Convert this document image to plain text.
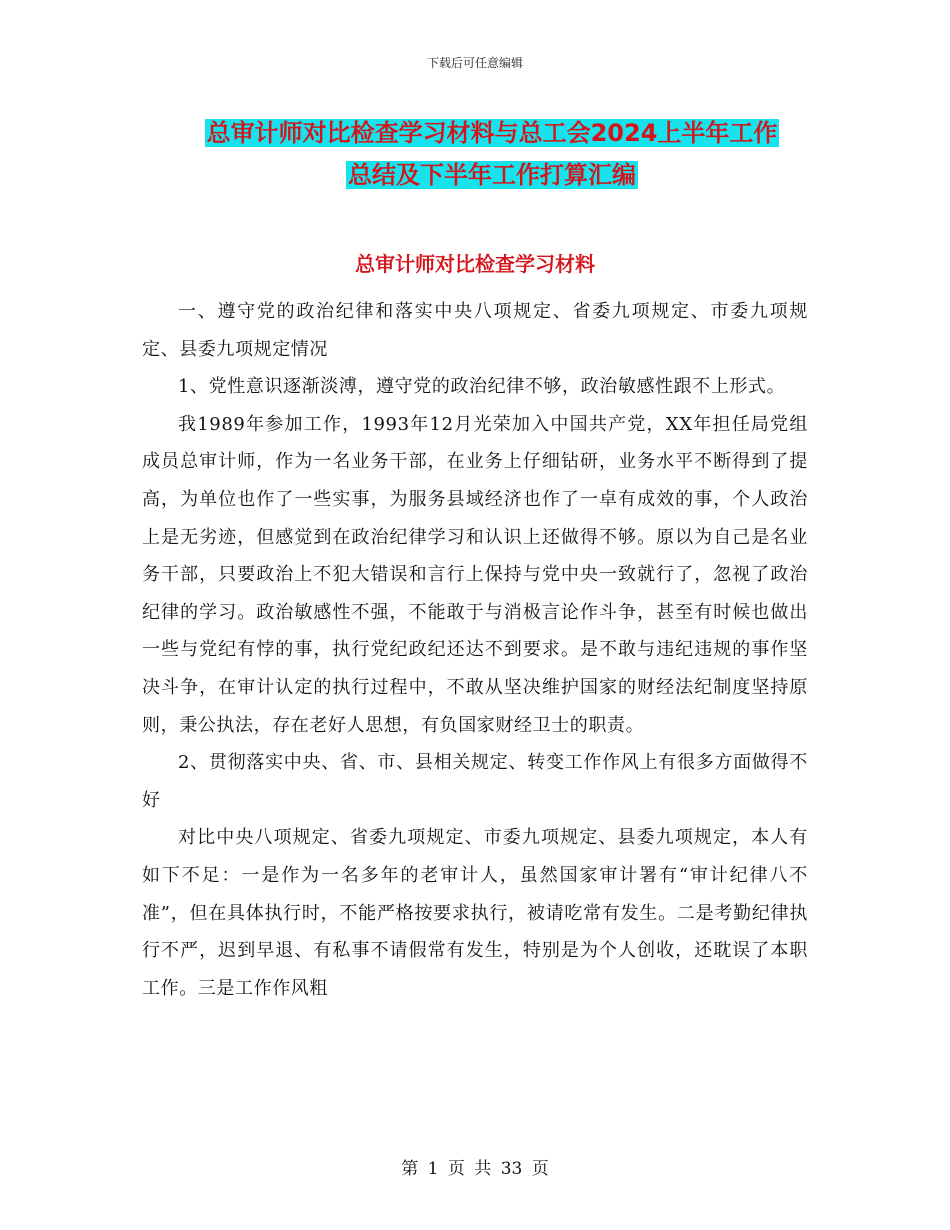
下载后可任意编辑
总审计师对比检查学习材料与总工会2024上半年工作
总结及下半年工作打算汇编
总审计师对比检查学习材料

一、遵守党的政治纪律和落实中央八项规定、省委九项规定、市委九项规定、县委九项规定情况

1、党性意识逐渐淡溥，遵守党的政治纪律不够，政治敏感性跟不上形式。

我1989年参加工作，1993年12月光荣加入中国共产党，XX年担任局党组成员总审计师，作为一名业务干部，在业务上仔细钻研，业务水平不断得到了提高，为单位也作了一些实事，为服务县域经济也作了一卓有成效的事，个人政治上是无劣迹，但感觉到在政治纪律学习和认识上还做得不够。原以为自己是名业务干部，只要政治上不犯大错误和言行上保持与党中央一致就行了，忽视了政治纪律的学习。政治敏感性不强，不能敢于与消极言论作斗争，甚至有时候也做出一些与党纪有悖的事，执行党纪政纪还达不到要求。是不敢与违纪违规的事作坚决斗争，在审计认定的执行过程中，不敢从坚决维护国家的财经法纪制度坚持原则，秉公执法，存在老好人思想，有负国家财经卫士的职责。

2、贯彻落实中央、省、市、县相关规定、转变工作作风上有很多方面做得不好

对比中央八项规定、省委九项规定、市委九项规定、县委九项规定，本人有如下不足：一是作为一名多年的老审计人，虽然国家审计署有“审计纪律八不准”，但在具体执行时，不能严格按要求执行，被请吃常有发生。二是考勤纪律执行不严，迟到早退、有私事不请假常有发生，特别是为个人创收，还耽误了本职工作。三是工作作风粗

第 1 页 共 33 页
